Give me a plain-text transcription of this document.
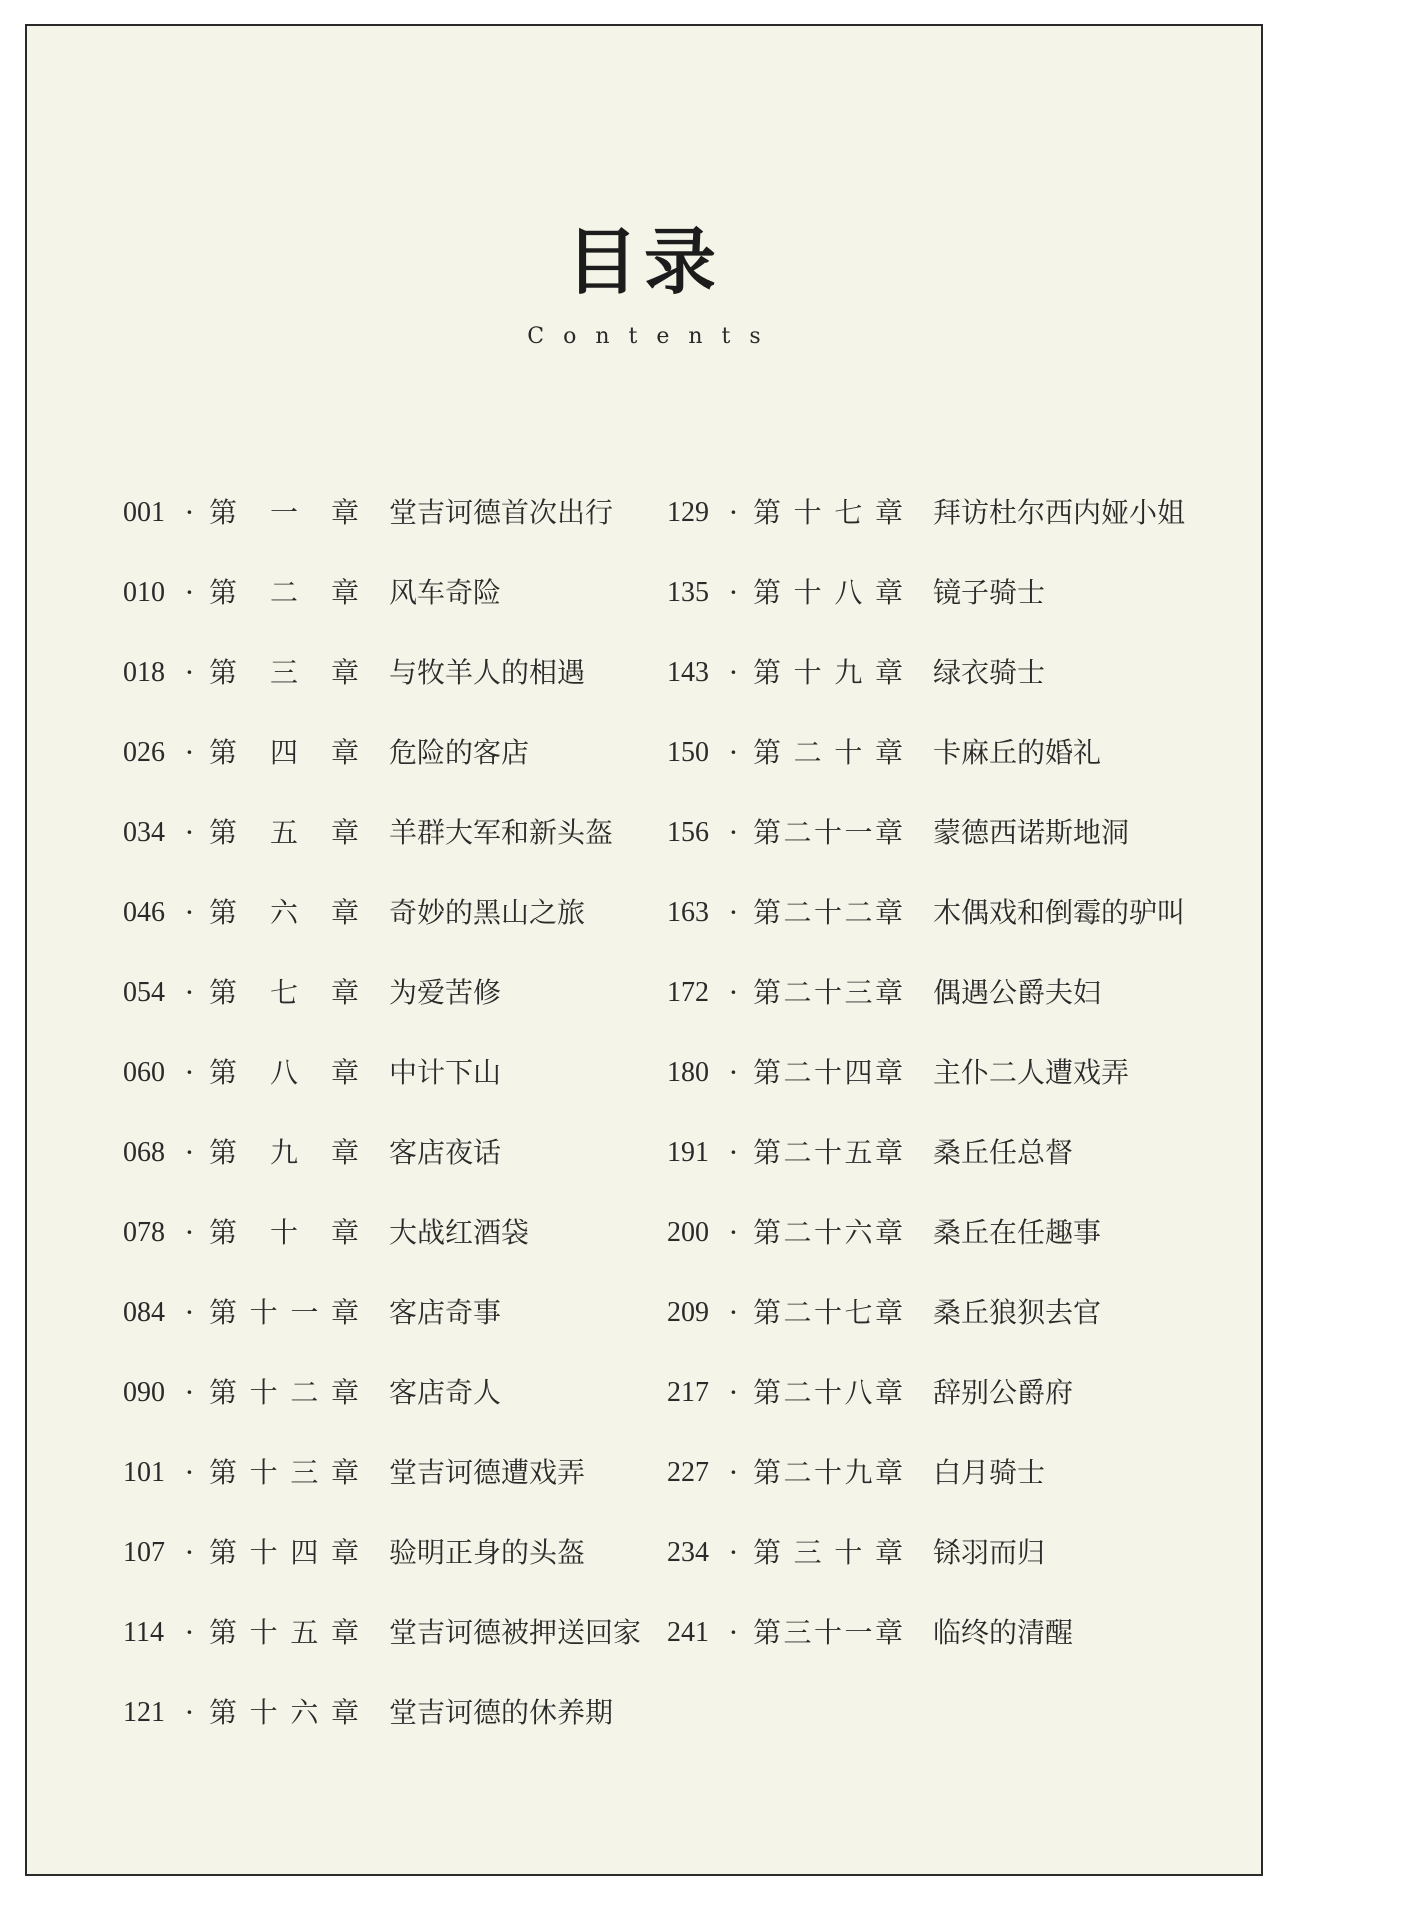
目录
Contents
001 · 第一章 堂吉诃德首次出行
010 · 第二章 风车奇险
018 · 第三章 与牧羊人的相遇
026 · 第四章 危险的客店
034 · 第五章 羊群大军和新头盔
046 · 第六章 奇妙的黑山之旅
054 · 第七章 为爱苦修
060 · 第八章 中计下山
068 · 第九章 客店夜话
078 · 第十章 大战红酒袋
084 · 第十一章 客店奇事
090 · 第十二章 客店奇人
101 · 第十三章 堂吉诃德遭戏弄
107 · 第十四章 验明正身的头盔
114 · 第十五章 堂吉诃德被押送回家
121 · 第十六章 堂吉诃德的休养期
129 · 第十七章 拜访杜尔西内娅小姐
135 · 第十八章 镜子骑士
143 · 第十九章 绿衣骑士
150 · 第二十章 卡麻丘的婚礼
156 · 第二十一章 蒙德西诺斯地洞
163 · 第二十二章 木偶戏和倒霉的驴叫
172 · 第二十三章 偶遇公爵夫妇
180 · 第二十四章 主仆二人遭戏弄
191 · 第二十五章 桑丘任总督
200 · 第二十六章 桑丘在任趣事
209 · 第二十七章 桑丘狼狈去官
217 · 第二十八章 辞别公爵府
227 · 第二十九章 白月骑士
234 · 第三十章 铩羽而归
241 · 第三十一章 临终的清醒
